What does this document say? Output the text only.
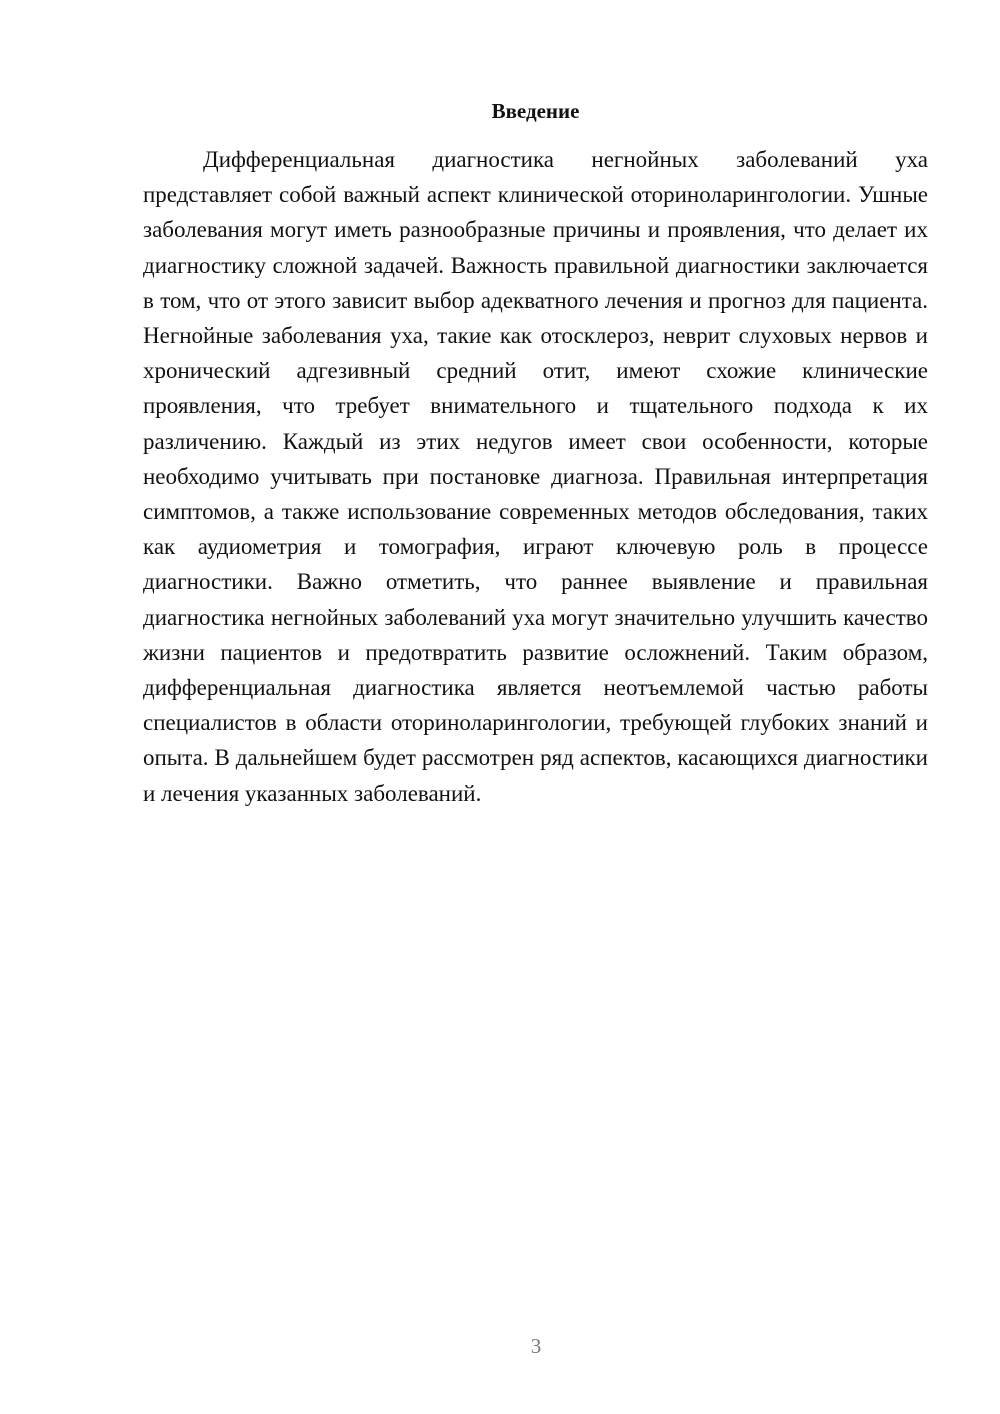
Введение

Дифференциальная диагностика негнойных заболеваний уха представляет собой важный аспект клинической оториноларингологии. Ушные заболевания могут иметь разнообразные причины и проявления, что делает их диагностику сложной задачей. Важность правильной диагностики заключается в том, что от этого зависит выбор адекватного лечения и прогноз для пациента. Негнойные заболевания уха, такие как отосклероз, неврит слуховых нервов и хронический адгезивный средний отит, имеют схожие клинические проявления, что требует внимательного и тщательного подхода к их различению. Каждый из этих недугов имеет свои особенности, которые необходимо учитывать при постановке диагноза. Правильная интерпретация симптомов, а также использование современных методов обследования, таких как аудиометрия и томография, играют ключевую роль в процессе диагностики. Важно отметить, что раннее выявление и правильная диагностика негнойных заболеваний уха могут значительно улучшить качество жизни пациентов и предотвратить развитие осложнений. Таким образом, дифференциальная диагностика является неотъемлемой частью работы специалистов в области оториноларингологии, требующей глубоких знаний и опыта. В дальнейшем будет рассмотрен ряд аспектов, касающихся диагностики и лечения указанных заболеваний.

3
